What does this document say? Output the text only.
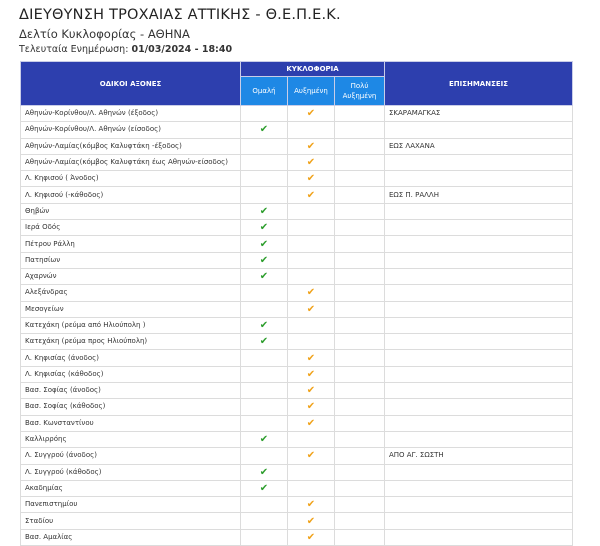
ΔΙΕΥΘΥΝΣΗ ΤΡΟΧΑΙΑΣ ΑΤΤΙΚΗΣ - Θ.Ε.Π.Ε.Κ.
Δελτίο Κυκλοφορίας - ΑΘΗΝΑ
Τελευταία Ενημέρωση: 01/03/2024 - 18:40
ΟΔΙΚΟΙ ΑΞΟΝΕΣ	ΚΥΚΛΟΦΟΡΙΑ			ΕΠΙΣΗΜΑΝΣΕΙΣ
	Ομαλή	Αυξημένη	Πολύ Αυξημένη	
Αθηνών-Κορίνθου/Λ. Αθηνών (έξοδος)		✔		ΣΚΑΡΑΜΑΓΚΑΣ
Αθηνών-Κορίνθου/Λ. Αθηνών (είσοδος)	✔			
Αθηνών-Λαμίας(κόμβος Καλυφτάκη -έξοδος)		✔		ΕΩΣ ΛΑΧΑΝΑ
Αθηνών-Λαμίας(κόμβος Καλυφτάκη έως Αθηνών-είσοδος)		✔		
Λ. Κηφισού ( Άνοδος)		✔		
Λ. Κηφισού (-κάθοδος)		✔		ΕΩΣ Π. ΡΑΛΛΗ
Θηβών	✔			
Ιερά Οδός	✔			
Πέτρου Ράλλη	✔			
Πατησίων	✔			
Αχαρνών	✔			
Αλεξάνδρας		✔		
Μεσογείων		✔		
Κατεχάκη (ρεύμα από Ηλιούπολη )	✔			
Κατεχάκη (ρεύμα προς Ηλιούπολη)	✔			
Λ. Κηφισίας (άνοδος)		✔		
Λ. Κηφισίας (κάθοδος)		✔		
Βασ. Σοφίας (άνοδος)		✔		
Βασ. Σοφίας (κάθοδος)		✔		
Βασ. Κωνσταντίνου		✔		
Καλλιρρόης	✔			
Λ. Συγγρού (άνοδος)		✔		ΑΠΟ ΑΓ. ΣΩΣΤΗ
Λ. Συγγρού (κάθοδος)	✔			
Ακαδημίας	✔			
Πανεπιστημίου		✔		
Σταδίου		✔		
Βασ. Αμαλίας		✔		
